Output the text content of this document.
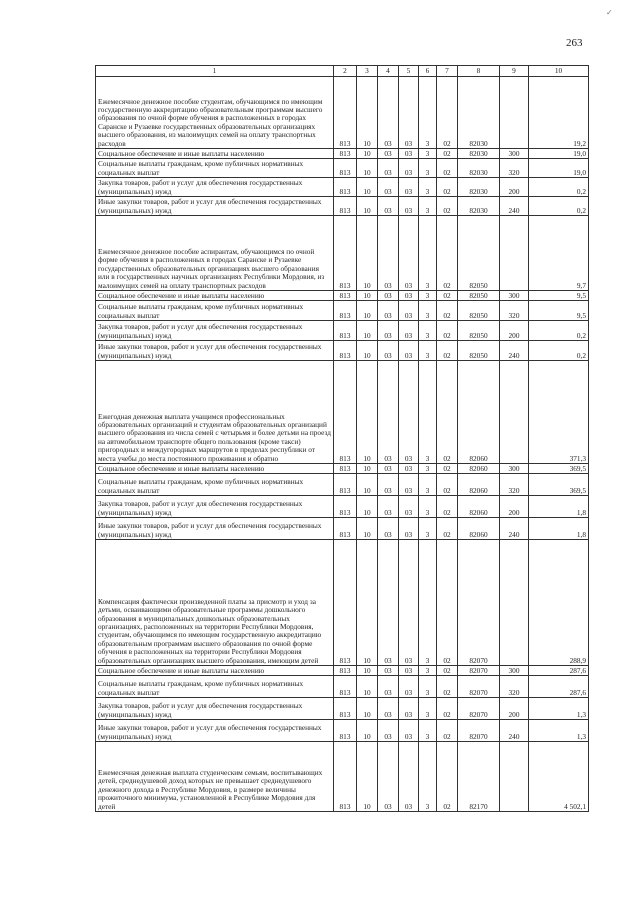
263
✓
1	2	3	4	5	6	7	8	9	10
Ежемесячное денежное пособие студентам, обучающимся по имеющим государственную аккредитацию образовательным программам высшего образования по очной форме обучения в расположенных в городах Саранске и Рузаевке государственных образовательных организациях высшего образования, из малоимущих семей на оплату транспортных расходов	813	10	03	03	3	02	82030		19,2
Социальное обеспечение и иные выплаты населению	813	10	03	03	3	02	82030	300	19,0
Социальные выплаты гражданам, кроме публичных нормативных социальных выплат	813	10	03	03	3	02	82030	320	19,0
Закупка товаров, работ и услуг для обеспечения государственных (муниципальных) нужд	813	10	03	03	3	02	82030	200	0,2
Иные закупки товаров, работ и услуг для обеспечения государственных (муниципальных) нужд	813	10	03	03	3	02	82030	240	0,2
Ежемесячное денежное пособие аспирантам, обучающимся по очной форме обучения в расположенных в городах Саранске и Рузаевке государственных образовательных организациях высшего образования или в государственных научных организациях Республики Мордовия, из малоимущих семей на оплату транспортных расходов	813	10	03	03	3	02	82050		9,7
Социальное обеспечение и иные выплаты населению	813	10	03	03	3	02	82050	300	9,5
Социальные выплаты гражданам, кроме публичных нормативных социальных выплат	813	10	03	03	3	02	82050	320	9,5
Закупка товаров, работ и услуг для обеспечения государственных (муниципальных) нужд	813	10	03	03	3	02	82050	200	0,2
Иные закупки товаров, работ и услуг для обеспечения государственных (муниципальных) нужд	813	10	03	03	3	02	82050	240	0,2
Ежегодная денежная выплата учащимся профессиональных образовательных организаций и студентам образовательных организаций высшего образования из числа семей с четырьмя и более детьми на проезд на автомобильном транспорте общего пользования (кроме такси) пригородных и междугородных маршрутов в пределах республики от места учебы до места постоянного проживания и обратно	813	10	03	03	3	02	82060		371,3
Социальное обеспечение и иные выплаты населению	813	10	03	03	3	02	82060	300	369,5
Социальные выплаты гражданам, кроме публичных нормативных социальных выплат	813	10	03	03	3	02	82060	320	369,5
Закупка товаров, работ и услуг для обеспечения государственных (муниципальных) нужд	813	10	03	03	3	02	82060	200	1,8
Иные закупки товаров, работ и услуг для обеспечения государственных (муниципальных) нужд	813	10	03	03	3	02	82060	240	1,8
Компенсация фактически произведенной платы за присмотр и уход за детьми, осваивающими образовательные программы дошкольного образования в муниципальных дошкольных образовательных организациях, расположенных на территории Республики Мордовия, студентам, обучающимся по имеющим государственную аккредитацию образовательным программам высшего образования по очной форме обучения в расположенных на территории Республики Мордовия образовательных организациях высшего образования, имеющим детей	813	10	03	03	3	02	82070		288,9
Социальное обеспечение и иные выплаты населению	813	10	03	03	3	02	82070	300	287,6
Социальные выплаты гражданам, кроме публичных нормативных социальных выплат	813	10	03	03	3	02	82070	320	287,6
Закупка товаров, работ и услуг для обеспечения государственных (муниципальных) нужд	813	10	03	03	3	02	82070	200	1,3
Иные закупки товаров, работ и услуг для обеспечения государственных (муниципальных) нужд	813	10	03	03	3	02	82070	240	1,3
Ежемесячная денежная выплата студенческим семьям, воспитывающих детей, среднедушевой доход которых не превышает среднедушевого денежного дохода в Республике Мордовия, в размере величины прожиточного минимума, установленной в Республике Мордовия для детей	813	10	03	03	3	02	82170		4 502,1
